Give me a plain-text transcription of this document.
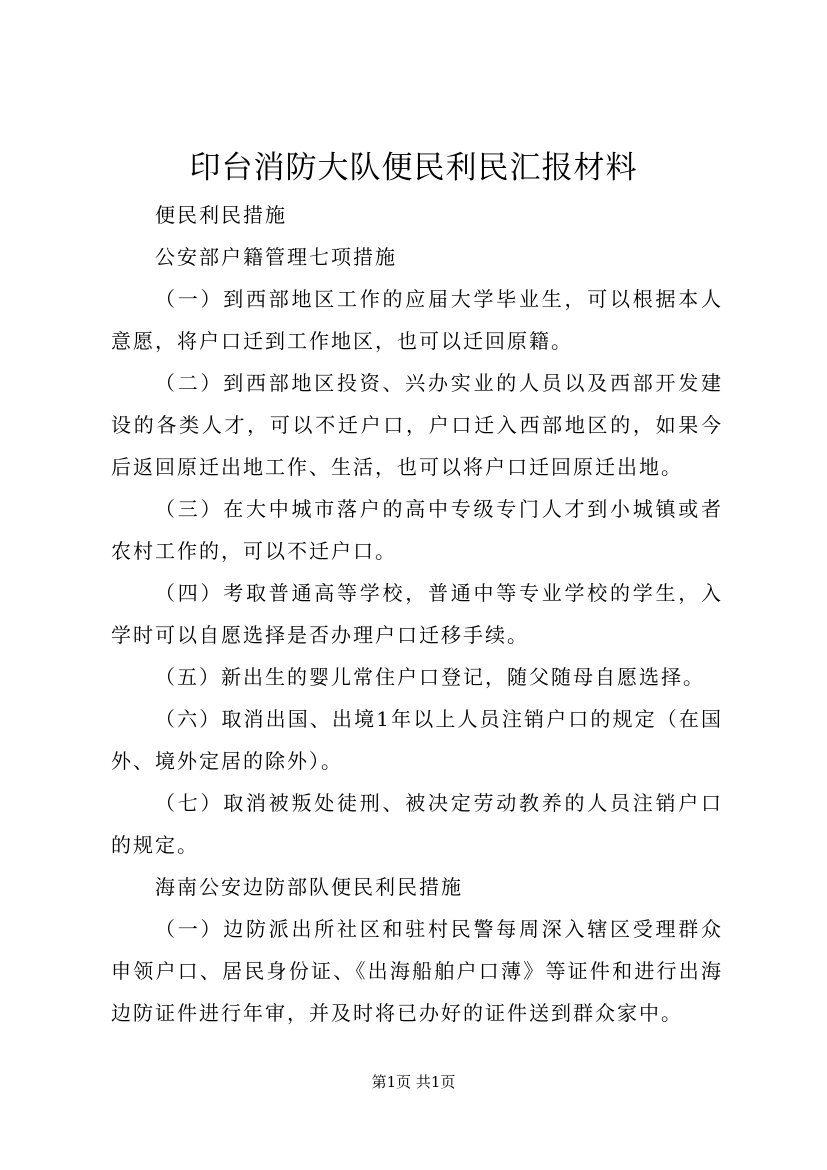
印台消防大队便民利民汇报材料

便民利民措施

公安部户籍管理七项措施

（一）到西部地区工作的应届大学毕业生，可以根据本人意愿，将户口迁到工作地区，也可以迁回原籍。

（二）到西部地区投资、兴办实业的人员以及西部开发建设的各类人才，可以不迁户口，户口迁入西部地区的，如果今后返回原迁出地工作、生活，也可以将户口迁回原迁出地。

（三）在大中城市落户的高中专级专门人才到小城镇或者农村工作的，可以不迁户口。

（四）考取普通高等学校，普通中等专业学校的学生，入学时可以自愿选择是否办理户口迁移手续。

（五）新出生的婴儿常住户口登记，随父随母自愿选择。

（六）取消出国、出境1年以上人员注销户口的规定（在国外、境外定居的除外）。

（七）取消被叛处徒刑、被决定劳动教养的人员注销户口的规定。

海南公安边防部队便民利民措施

（一）边防派出所社区和驻村民警每周深入辖区受理群众申领户口、居民身份证、《出海船舶户口薄》等证件和进行出海边防证件进行年审，并及时将已办好的证件送到群众家中。

第1页 共1页
